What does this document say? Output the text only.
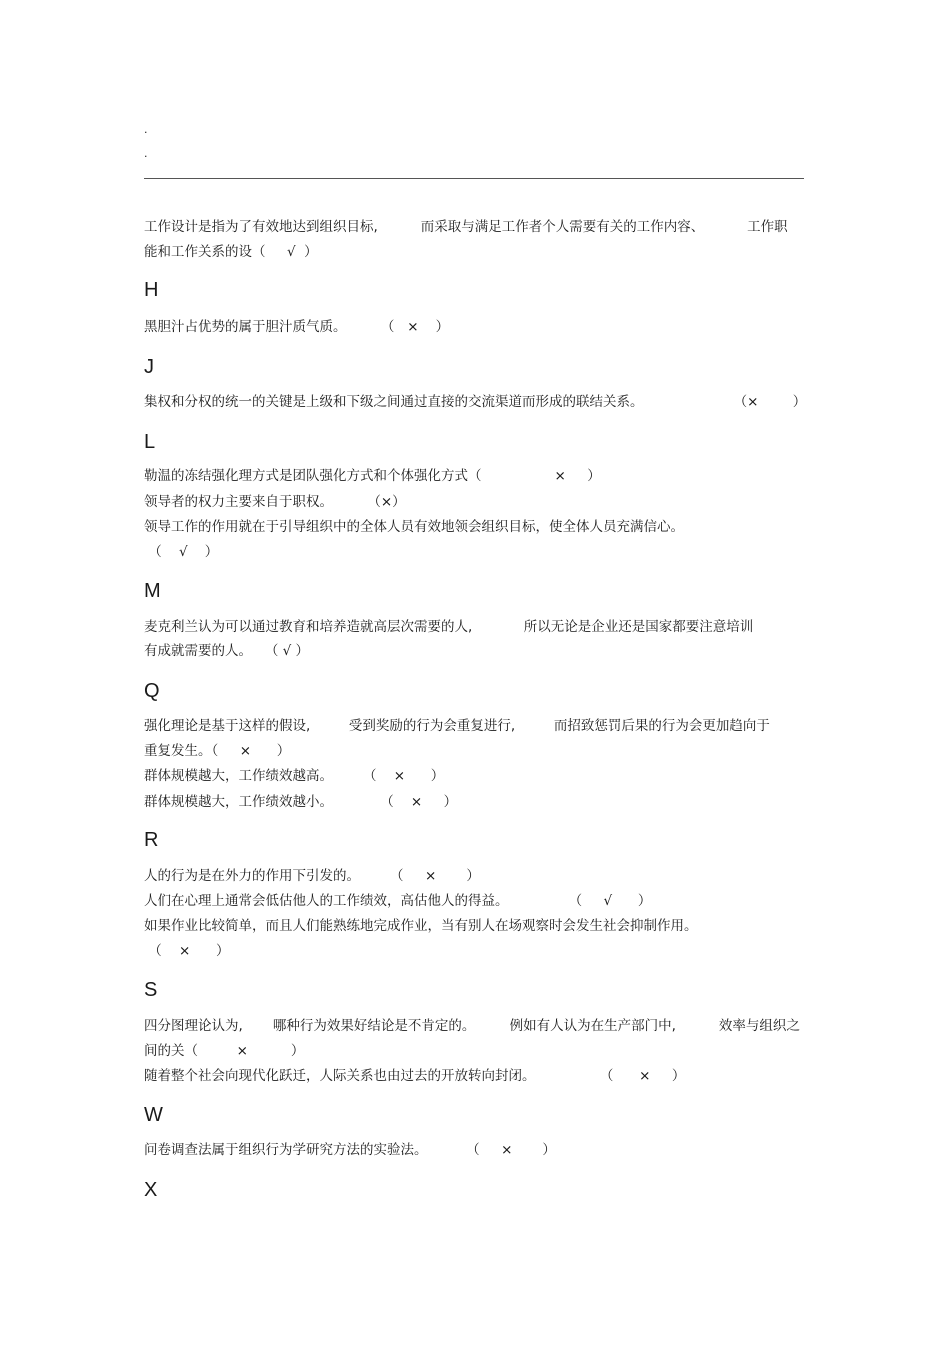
.
.
工作设计是指为了有效地达到组织目标,          而采取与满足工作者个人需要有关的工作内容、          工作职
能和工作关系的设（     √  ）
H
黑胆汁占优势的属于胆汁质气质。        （   ×    ）
J
集权和分权的统一的关键是上级和下级之间通过直接的交流渠道而形成的联结关系。                     （×        ）
L
勒温的冻结强化理方式是团队强化方式和个体强化方式（                 ×     ）
领导者的权力主要来自于职权。        （×）
领导工作的作用就在于引导组织中的全体人员有效地领会组织目标，使全体人员充满信心。
（    √    ）
M
麦克利兰认为可以通过教育和培养造就高层次需要的人,            所以无论是企业还是国家都要注意培训
有成就需要的人。   （ √ ）
Q
强化理论是基于这样的假设,         受到奖励的行为会重复进行,         而招致惩罚后果的行为会更加趋向于
重复发生。（     ×      ）
群体规模越大，工作绩效越高。       （    ×      ）
群体规模越大，工作绩效越小。           （    ×     ）
R
人的行为是在外力的作用下引发的。       （     ×       ）
人们在心理上通常会低估他人的工作绩效，高估他人的得益。              （     √      ）
如果作业比较简单，而且人们能熟练地完成作业，当有别人在场观察时会发生社会抑制作用。
（    ×      ）
S
四分图理论认为,       哪种行为效果好结论是不肯定的。        例如有人认为在生产部门中,          效率与组织之
间的关（         ×          ）
随着整个社会向现代化跃迁，人际关系也由过去的开放转向封闭。               （      ×     ）
W
问卷调查法属于组织行为学研究方法的实验法。         （     ×       ）
X
